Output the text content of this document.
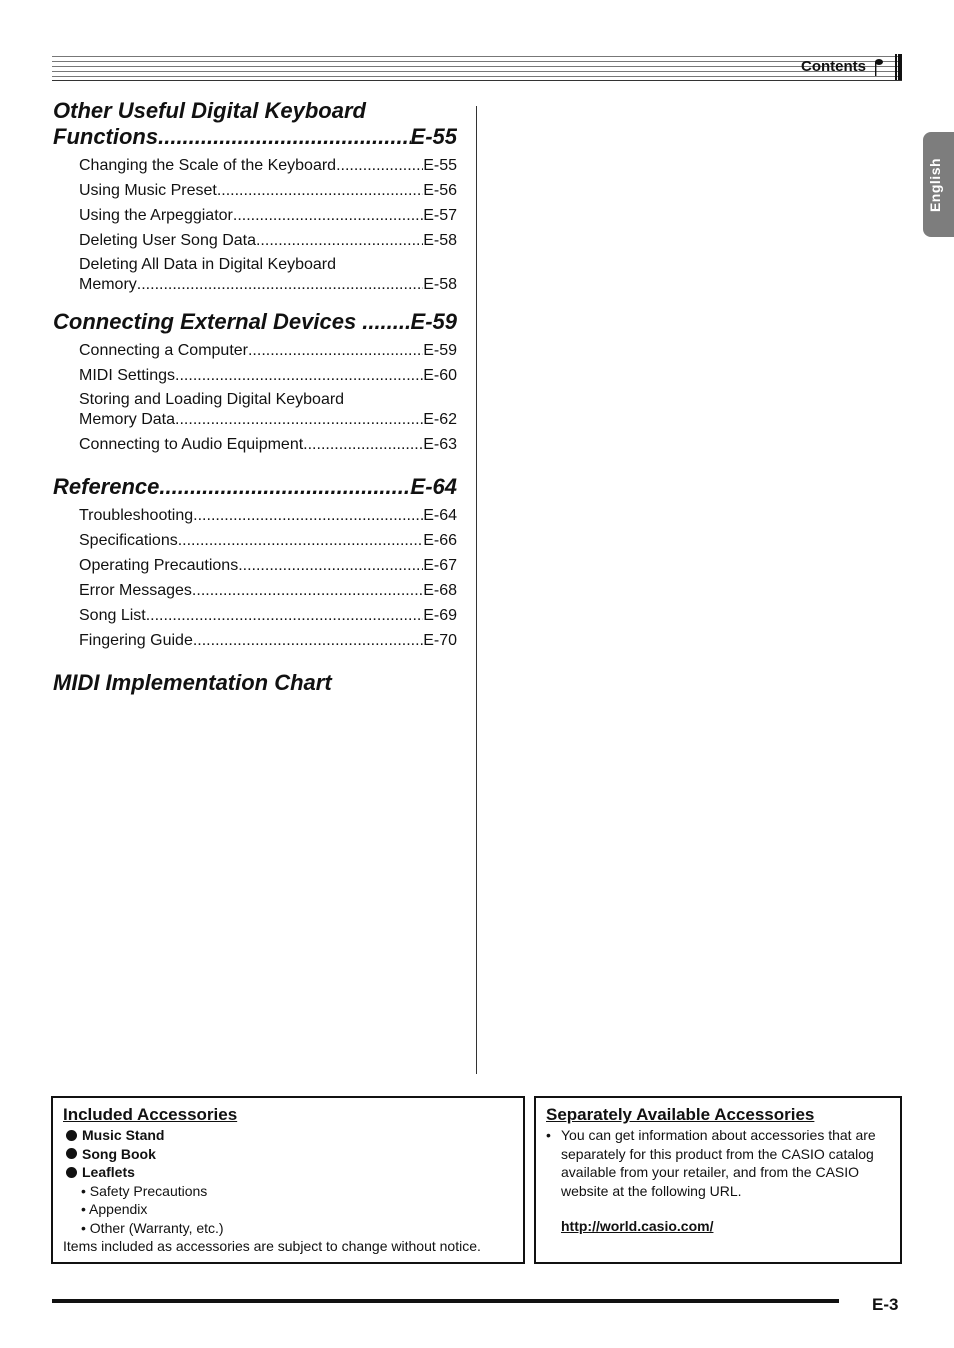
Contents
English
Other Useful Digital Keyboard
Functions .....	E-55
Changing the Scale of the Keyboard .....	E-55
Using Music Preset .....	E-56
Using the Arpeggiator .....	E-57
Deleting User Song Data .....	E-58
Deleting All Data in Digital Keyboard
Memory .....	E-58
Connecting External Devices ..... E-59
Connecting a Computer .....	E-59
MIDI Settings .....	E-60
Storing and Loading Digital Keyboard
Memory Data .....	E-62
Connecting to Audio Equipment .....	E-63
Reference .....	E-64
Troubleshooting .....	E-64
Specifications .....	E-66
Operating Precautions .....	E-67
Error Messages .....	E-68
Song List .....	E-69
Fingering Guide .....	E-70
MIDI Implementation Chart
Included Accessories
Music Stand
Song Book
Leaflets
• Safety Precautions
• Appendix
• Other (Warranty, etc.)
Items included as accessories are subject to change without notice.
Separately Available Accessories
• You can get information about accessories that are separately for this product from the CASIO catalog available from your retailer, and from the CASIO website at the following URL.
http://world.casio.com/
E-3
